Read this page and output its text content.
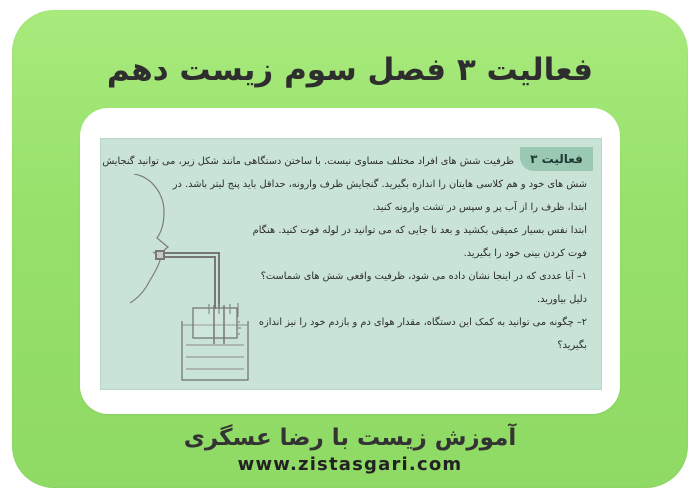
فعالیت ۳ فصل سوم زیست دهم
فعالیت ۳
ظرفیت شش های افراد مختلف مساوی نیست. با ساختن دستگاهی مانند شکل زیر، می توانید گنجایش
شش های خود و هم کلاسی هایتان را اندازه بگیرید. گنجایش ظرف وارونه، حداقل باید پنج لیتر باشد. در
ابتدا، ظرف را از آب پر و سپس در تشت وارونه کنید.
ابتدا نفس بسیار عمیقی بکشید و بعد تا جایی که می توانید در لوله فوت کنید. هنگام
فوت کردن بینی خود را بگیرید.
۱– آیا عددی که در اینجا نشان داده می شود، ظرفیت واقعی شش های شماست؟
دلیل بیاورید.
۲– چگونه می توانید به کمک این دستگاه، مقدار هوای دم و بازدم خود را نیز اندازه
بگیرید؟
آموزش زیست با رضا عسگری
www.zistasgari.com
